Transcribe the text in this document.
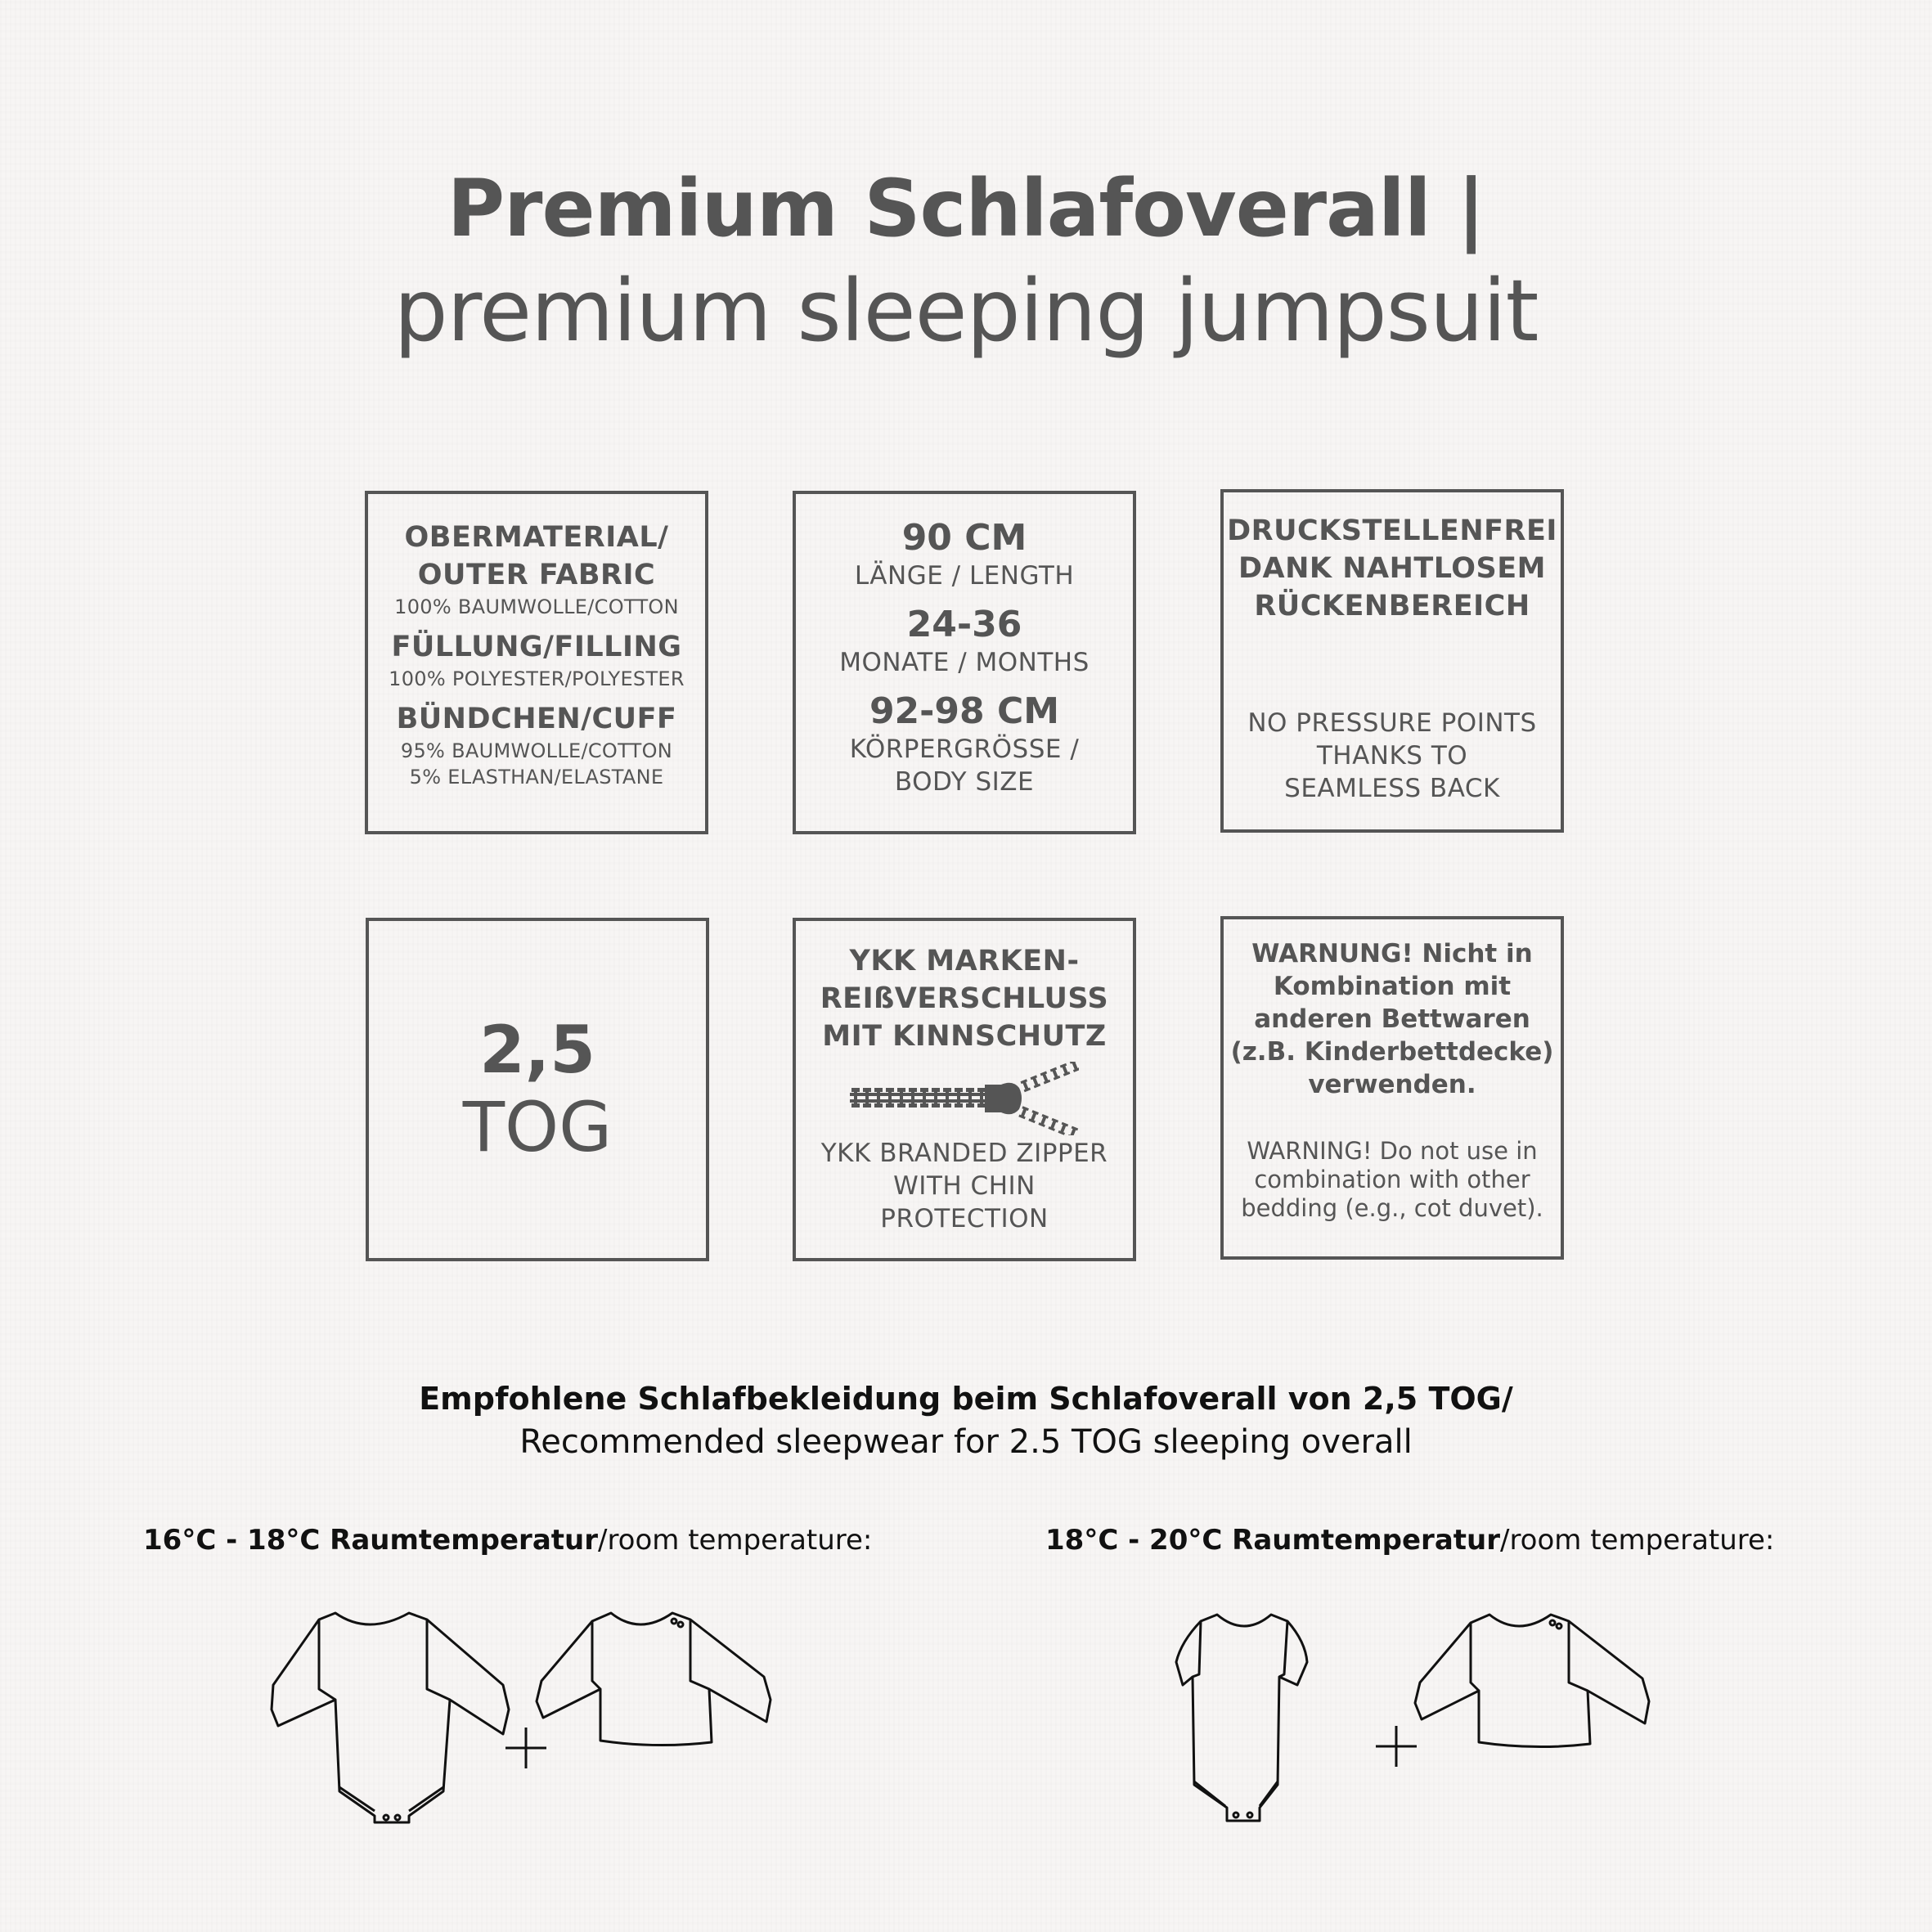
Premium Schlafoverall |
premium sleeping jumpsuit
OBERMATERIAL/
OUTER FABRIC
100% BAUMWOLLE/COTTON
FÜLLUNG/FILLING
100% POLYESTER/POLYESTER
BÜNDCHEN/CUFF
95% BAUMWOLLE/COTTON
5% ELASTHAN/ELASTANE
90 CM
LÄNGE / LENGTH
24-36
MONATE / MONTHS
92-98 CM
KÖRPERGRÖSSE /
BODY SIZE
DRUCKSTELLENFREI
DANK NAHTLOSEM
RÜCKENBEREICH
NO PRESSURE POINTS
THANKS TO
SEAMLESS BACK
2,5
TOG
YKK MARKEN-
REIßVERSCHLUSS
MIT KINNSCHUTZ
YKK BRANDED ZIPPER
WITH CHIN
PROTECTION
WARNUNG! Nicht in
Kombination mit
anderen Bettwaren
(z.B. Kinderbettdecke)
verwenden.
WARNING! Do not use in
combination with other
bedding (e.g., cot duvet).
Empfohlene Schlafbekleidung beim Schlafoverall von 2,5 TOG/
Recommended sleepwear for 2.5 TOG sleeping overall
16°C - 18°C Raumtemperatur/room temperature:	18°C - 20°C Raumtemperatur/room temperature:
